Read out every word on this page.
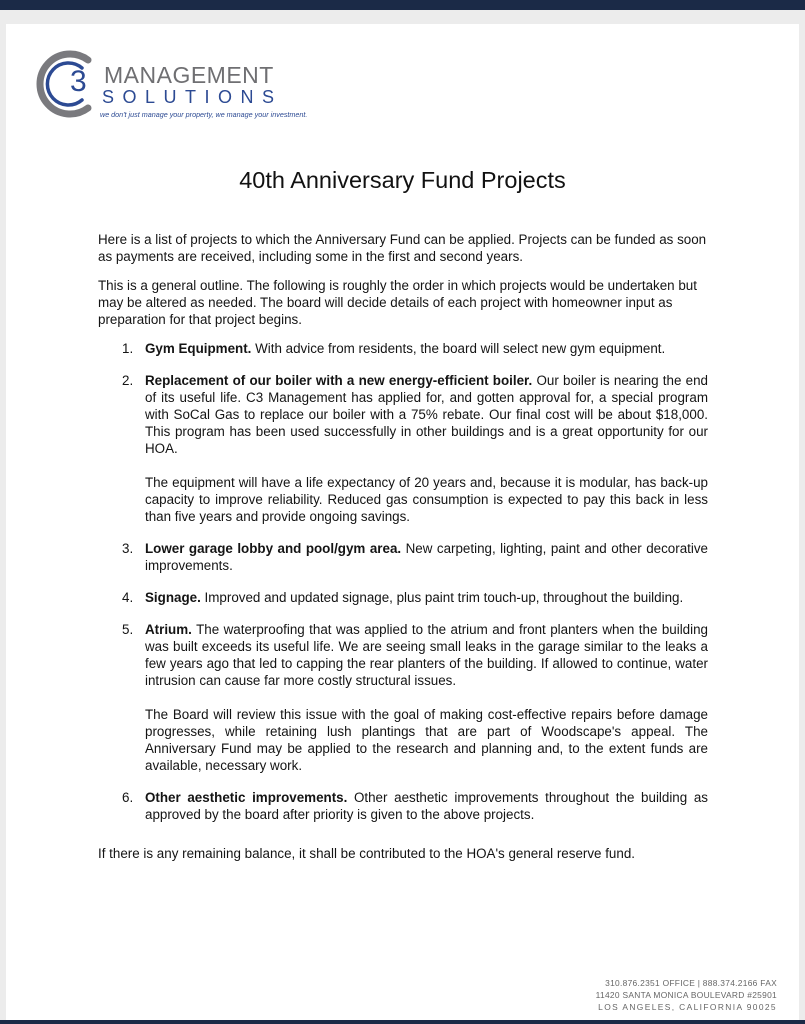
3 MANAGEMENT
SOLUTIONS
we don't just manage your property, we manage your investment.
40th Anniversary Fund Projects

Here is a list of projects to which the Anniversary Fund can be applied. Projects can be funded as soon as payments are received, including some in the first and second years.

This is a general outline. The following is roughly the order in which projects would be undertaken but may be altered as needed. The board will decide details of each project with homeowner input as preparation for that project begins.

1. Gym Equipment. With advice from residents, the board will select new gym equipment.
2. Replacement of our boiler with a new energy-efficient boiler. Our boiler is nearing the end of its useful life. C3 Management has applied for, and gotten approval for, a special program with SoCal Gas to replace our boiler with a 75% rebate. Our final cost will be about $18,000. This program has been used successfully in other buildings and is a great opportunity for our HOA.
The equipment will have a life expectancy of 20 years and, because it is modular, has back-up capacity to improve reliability. Reduced gas consumption is expected to pay this back in less than five years and provide ongoing savings.
3. Lower garage lobby and pool/gym area. New carpeting, lighting, paint and other decorative improvements.
4. Signage. Improved and updated signage, plus paint trim touch-up, throughout the building.
5. Atrium. The waterproofing that was applied to the atrium and front planters when the building was built exceeds its useful life. We are seeing small leaks in the garage similar to the leaks a few years ago that led to capping the rear planters of the building. If allowed to continue, water intrusion can cause far more costly structural issues.
The Board will review this issue with the goal of making cost-effective repairs before damage progresses, while retaining lush plantings that are part of Woodscape's appeal. The Anniversary Fund may be applied to the research and planning and, to the extent funds are available, necessary work.
6. Other aesthetic improvements. Other aesthetic improvements throughout the building as approved by the board after priority is given to the above projects.

If there is any remaining balance, it shall be contributed to the HOA's general reserve fund.

310.876.2351 OFFICE | 888.374.2166 FAX
11420 SANTA MONICA BOULEVARD #25901
LOS ANGELES, CALIFORNIA 90025
